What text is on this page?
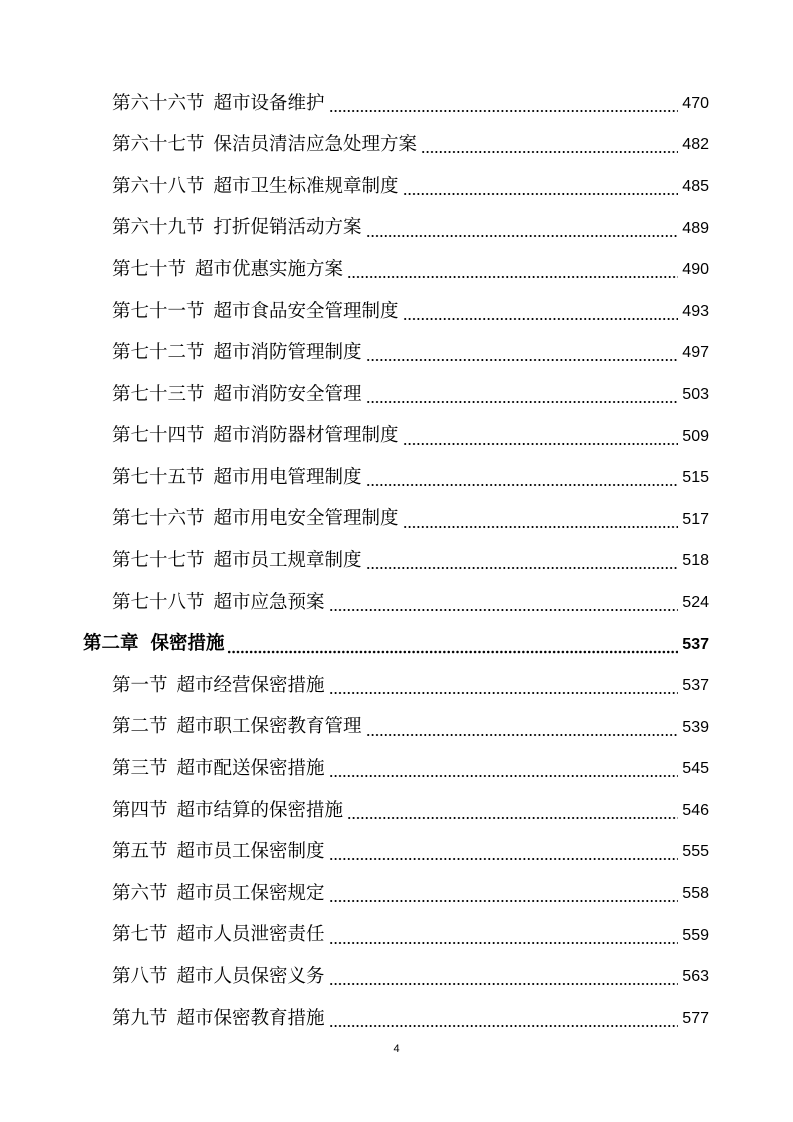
第六十六节 超市设备维护	470
第六十七节 保洁员清洁应急处理方案	482
第六十八节 超市卫生标准规章制度	485
第六十九节 打折促销活动方案	489
第七十节 超市优惠实施方案	490
第七十一节 超市食品安全管理制度	493
第七十二节 超市消防管理制度	497
第七十三节 超市消防安全管理	503
第七十四节 超市消防器材管理制度	509
第七十五节 超市用电管理制度	515
第七十六节 超市用电安全管理制度	517
第七十七节 超市员工规章制度	518
第七十八节 超市应急预案	524
第二章 保密措施	537
第一节 超市经营保密措施	537
第二节 超市职工保密教育管理	539
第三节 超市配送保密措施	545
第四节 超市结算的保密措施	546
第五节 超市员工保密制度	555
第六节 超市员工保密规定	558
第七节 超市人员泄密责任	559
第八节 超市人员保密义务	563
第九节 超市保密教育措施	577
4
